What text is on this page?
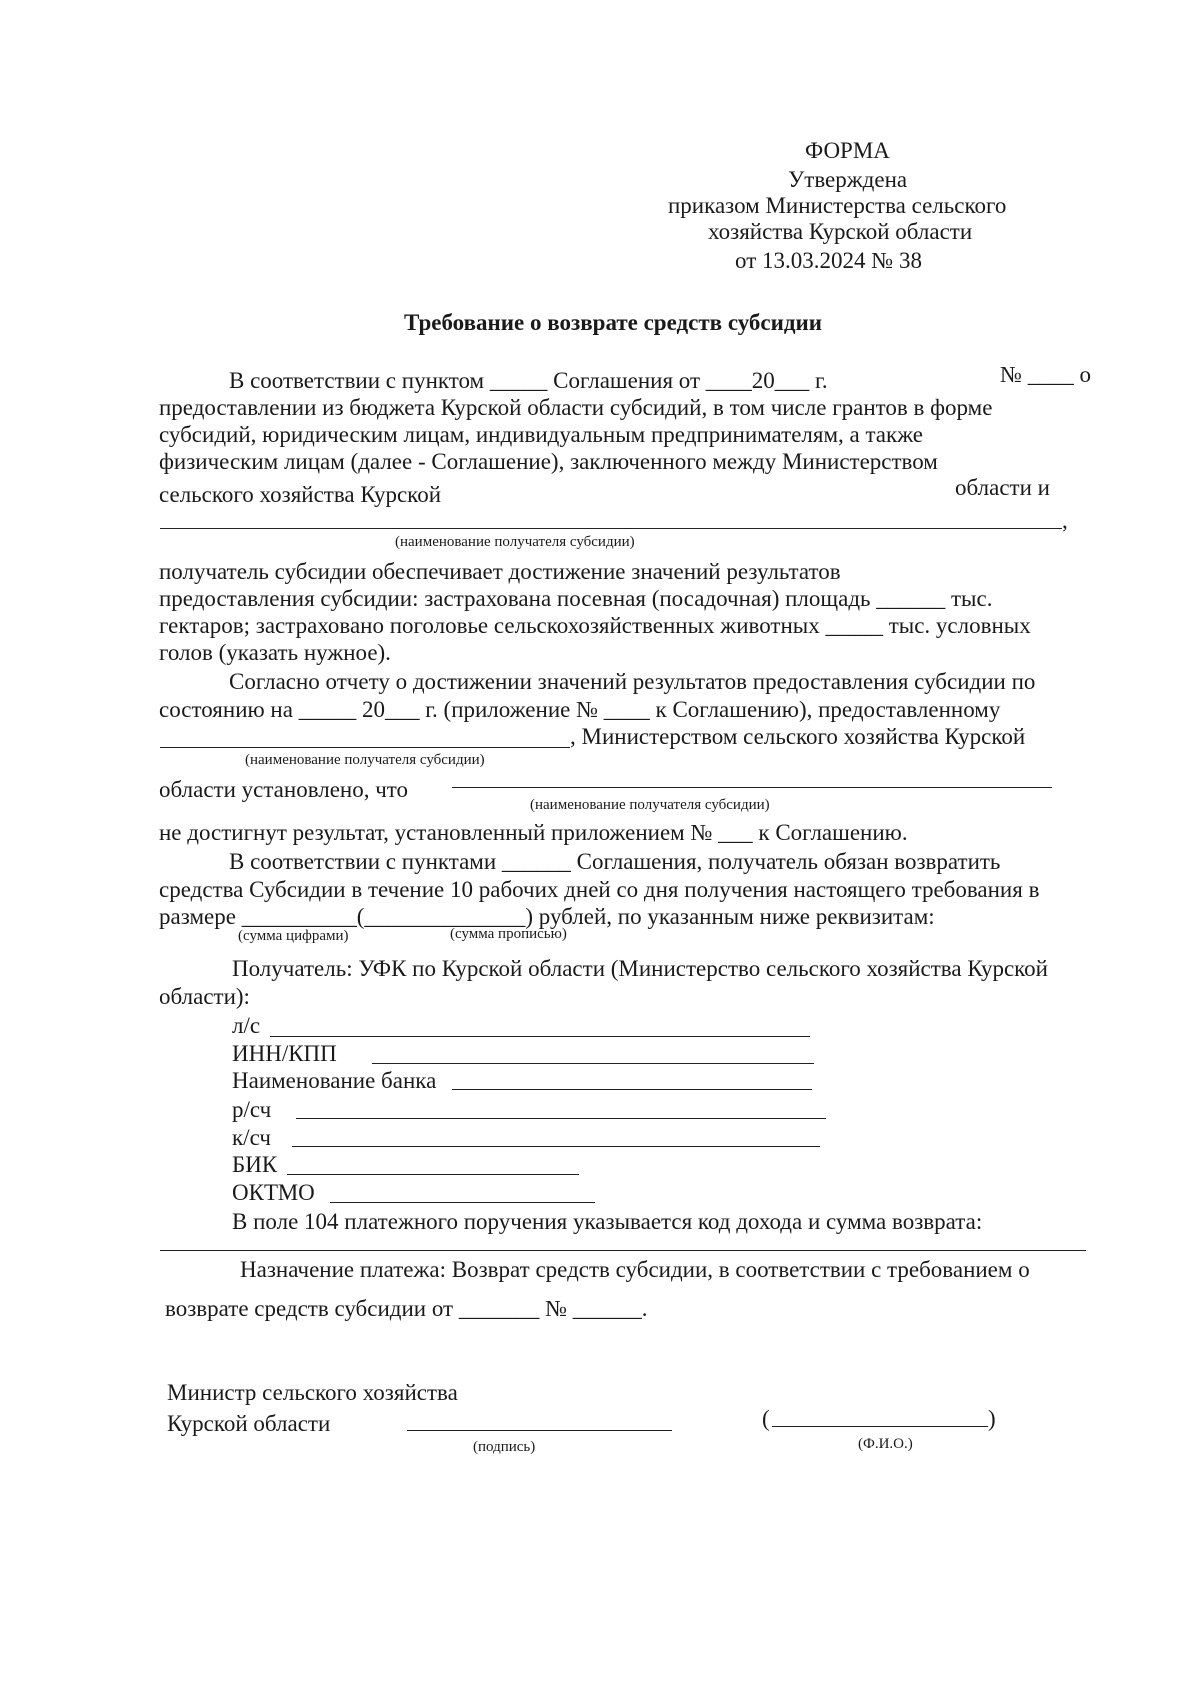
ФОРМА
Утверждена
приказом Министерства сельского
хозяйства Курской области
от 13.03.2024 № 38
Требование о возврате средств субсидии
В соответствии с пунктом _____ Соглашения от ____20___ г.	№ ____ о
предоставлении из бюджета Курской области субсидий, в том числе грантов в форме
субсидий, юридическим лицам, индивидуальным предпринимателям, а также
физическим лицам (далее - Соглашение), заключенного между Министерством
сельского хозяйства Курской	области и
,
(наименование получателя субсидии)
получатель субсидии обеспечивает достижение значений результатов
предоставления субсидии: застрахована посевная (посадочная) площадь ______ тыс.
гектаров; застраховано поголовье сельскохозяйственных животных _____ тыс. условных
голов (указать нужное).
Согласно отчету о достижении значений результатов предоставления субсидии по
состоянию на _____ 20___ г. (приложение № ____ к Соглашению), предоставленному
, Министерством сельского хозяйства Курской
(наименование получателя субсидии)
области установлено, что
(наименование получателя субсидии)
не достигнут результат, установленный приложением № ___ к Соглашению.
В соответствии с пунктами ______ Соглашения, получатель обязан возвратить
средства Субсидии в течение 10 рабочих дней со дня получения настоящего требования в
размере __________(______________) рублей, по указанным ниже реквизитам:
(сумма цифрами)	(сумма прописью)
Получатель: УФК по Курской области (Министерство сельского хозяйства Курской
области):
л/с
ИНН/КПП
Наименование банка
р/сч
к/сч
БИК
ОКТМО
В поле 104 платежного поручения указывается код дохода и сумма возврата:
Назначение платежа: Возврат средств субсидии, в соответствии с требованием о
возврате средств субсидии от _______ № ______.
Министр сельского хозяйства
Курской области
(подпись)
(	)
(Ф.И.О.)
